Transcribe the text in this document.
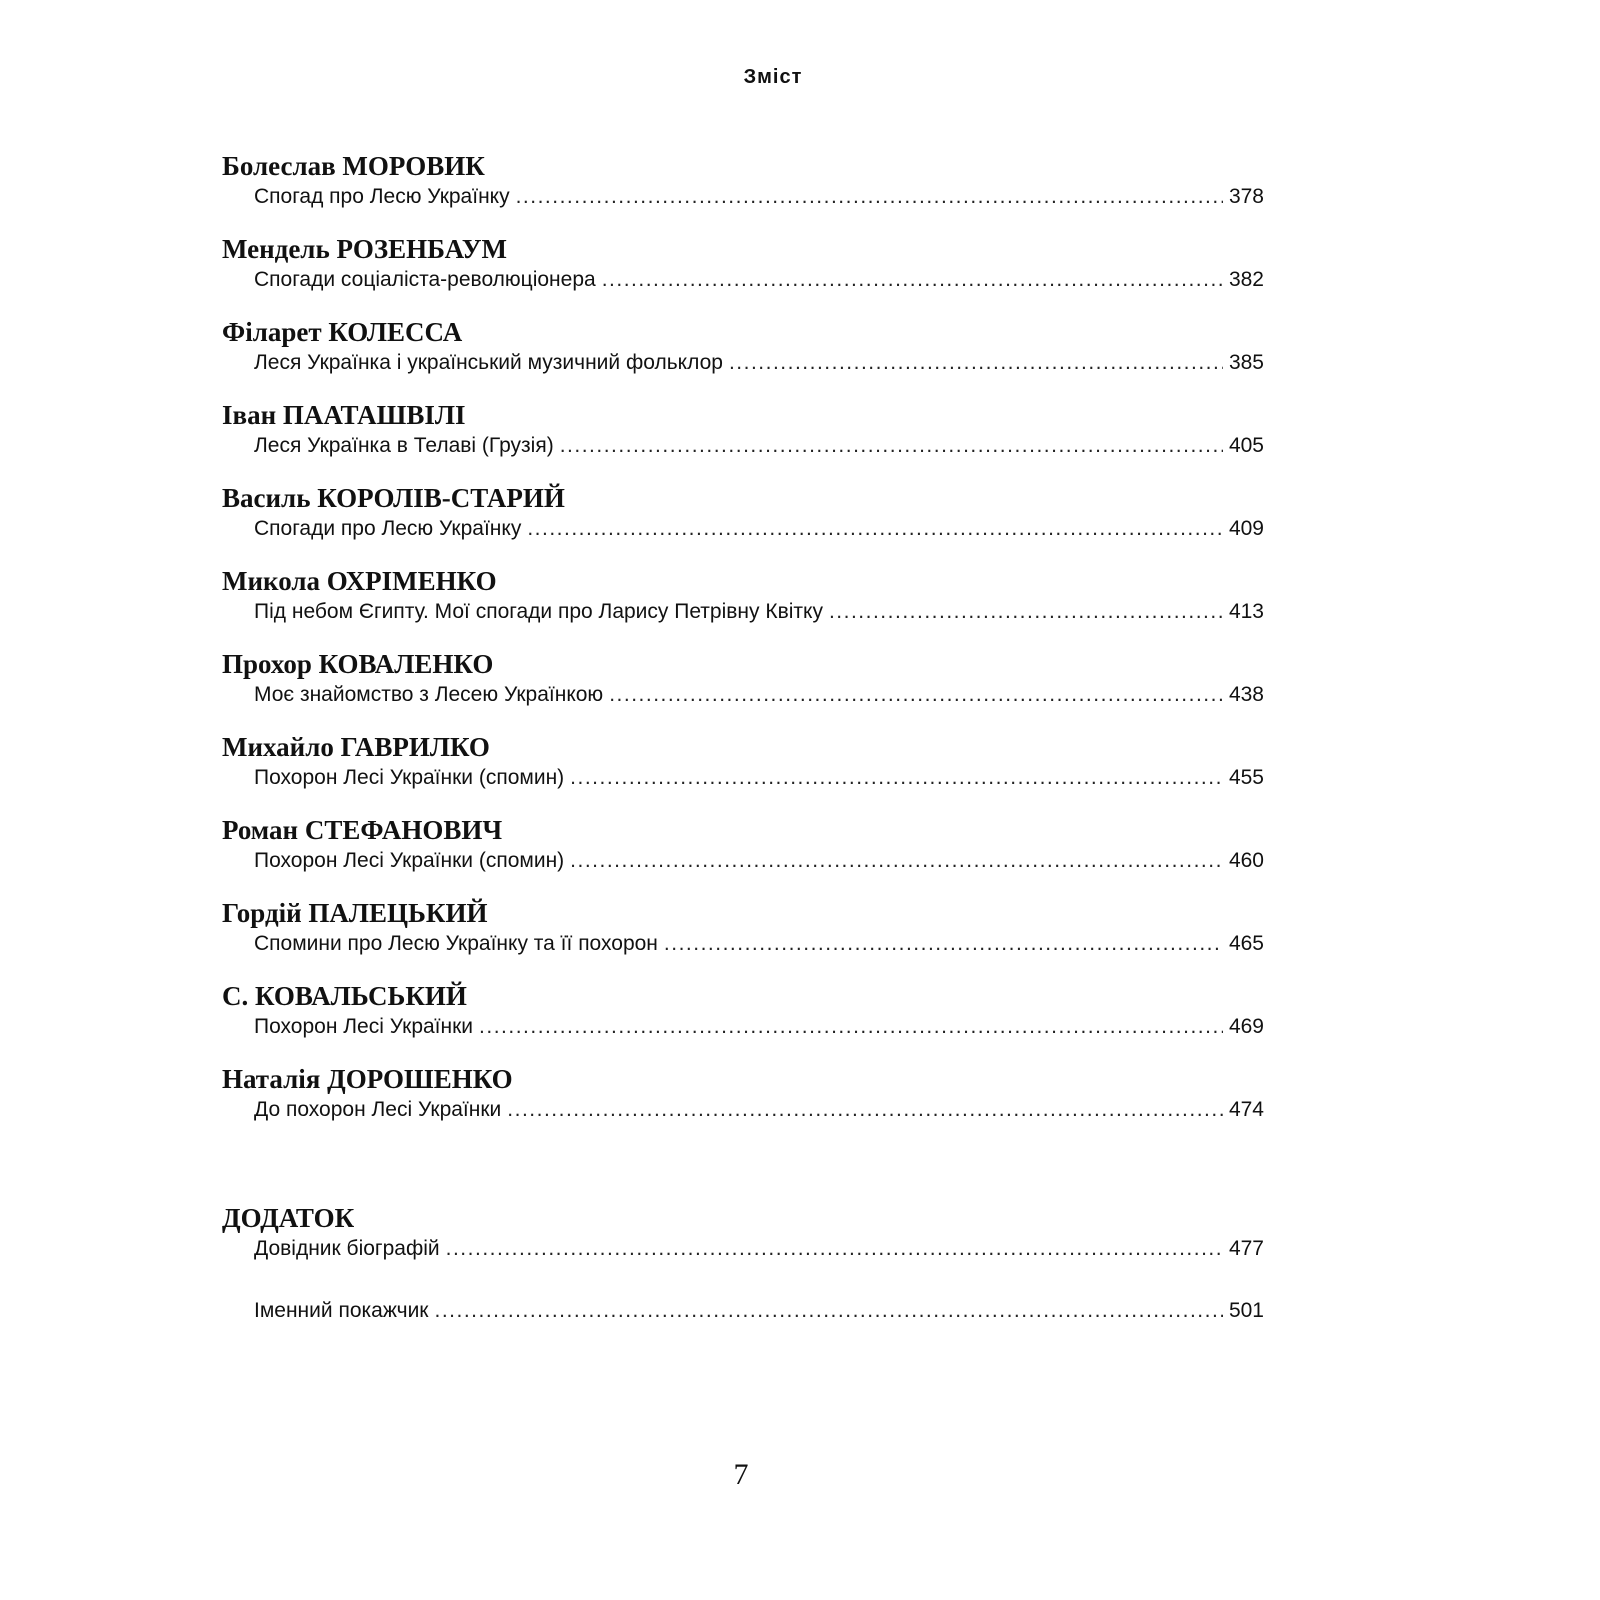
Зміст
Болеслав МОРОВИК
Спогад про Лесю Українку .....	378
Мендель РОЗЕНБАУМ
Спогади соціаліста-революціонера .....	382
Філарет КОЛЕССА
Леся Українка і український музичний фольклор .....	385
Іван ПААТАШВІЛІ
Леся Українка в Телаві (Грузія) .....	405
Василь КОРОЛІВ-СТАРИЙ
Спогади про Лесю Українку .....	409
Микола ОХРІМЕНКО
Під небом Єгипту. Мої спогади про Ларису Петрівну Квітку .....	413
Прохор КОВАЛЕНКО
Моє знайомство з Лесею Українкою .....	438
Михайло ГАВРИЛКО
Похорон Лесі Українки (спомин) .....	455
Роман СТЕФАНОВИЧ
Похорон Лесі Українки (спомин) .....	460
Гордій ПАЛЕЦЬКИЙ
Спомини про Лесю Українку та її похорон .....	465
С. КОВАЛЬСЬКИЙ
Похорон Лесі Українки .....	469
Наталія ДОРОШЕНКО
До похорон Лесі Українки .....	474
ДОДАТОК
Довідник біографій .....	477
Іменний покажчик .....	501
7
